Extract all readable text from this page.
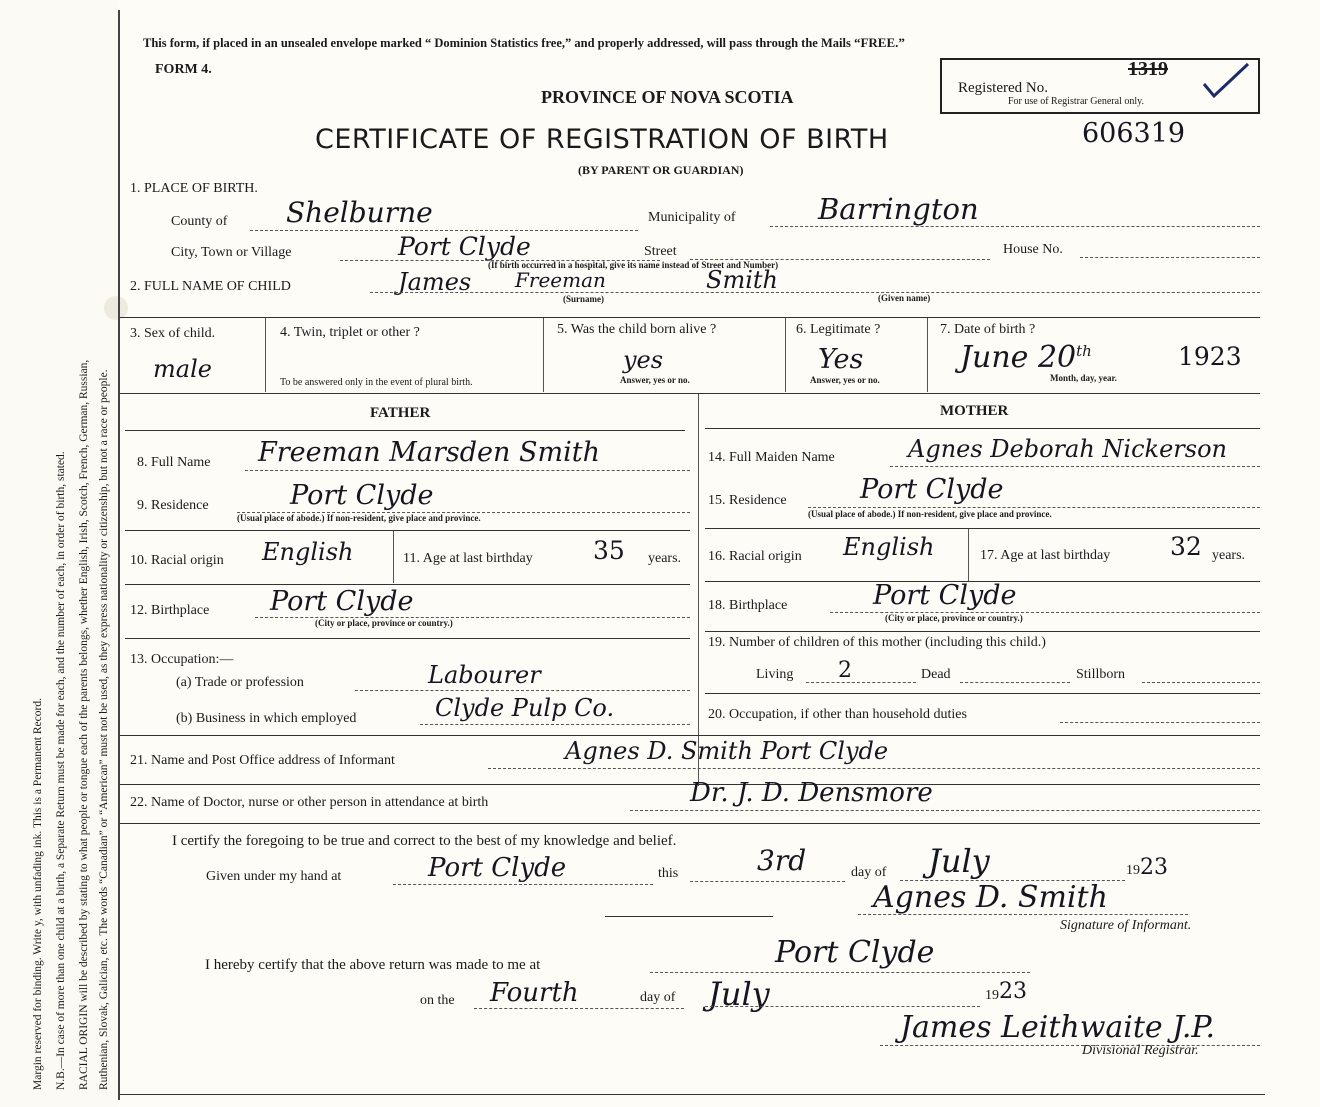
Margin reserved for binding. Write y, with unfading ink. This is a Permanent Record. N.B.—In case of more than one child at a birth, a Separate Return must be made for each, and the number of each, in order of birth, stated. RACIAL ORIGIN will be described by stating to what people or tongue each of the parents belongs, whether English, Irish, Scotch, French, German, Russian, Ruthenian, Slovak, Galician, etc. The words “Canadian” or “American” must not be used, as they express nationality or citizenship, but not a race or people.
This form, if placed in an unsealed envelope marked “ Dominion Statistics free,” and properly addressed, will pass through the Mails “FREE.”
FORM 4.
PROVINCE OF NOVA SCOTIA
CERTIFICATE OF REGISTRATION OF BIRTH	606319
(BY PARENT OR GUARDIAN)
Registered No.
1319
For use of Registrar General only.
1. PLACE OF BIRTH.
County of Shelburne	Municipality of	Barrington
City, Town or Village	Port Clyde	Street	House No.
(If birth occurred in a hospital, give its name instead of Street and Number)
2. FULL NAME OF CHILD	James Freeman	Smith
(Surname)	(Given name)
3. Sex of child.
male
4. Twin, triplet or other ?
To be answered only in the event of plural birth.
5. Was the child born alive ?
yes
Answer, yes or no.
6. Legitimate ?
Yes
Answer, yes or no.
7. Date of birth ?
June 20th	1923
Month, day, year.
FATHER
8. Full Name Freeman Marsden Smith
9. Residence	Port Clyde
(Usual place of abode.) If non-resident, give place and province.
10. Racial origin English	11. Age at last birthday 35 years.
12. Birthplace Port Clyde
(City or place, province or country.)
13. Occupation:—
(a) Trade or profession	Labourer
(b) Business in which employed	Clyde Pulp Co.
MOTHER
14. Full Maiden Name	Agnes Deborah Nickerson
15. Residence	Port Clyde
(Usual place of abode.) If non-resident, give place and province.
16. Racial origin English	17. Age at last birthday 32 years.
18. Birthplace	Port Clyde
(City or place, province or country.)
19. Number of children of this mother (including this child.)
Living 2	Dead	Stillborn
20. Occupation, if other than household duties
21. Name and Post Office address of Informant	Agnes D. Smith Port Clyde
22. Name of Doctor, nurse or other person in attendance at birth	Dr. J. D. Densmore
I certify the foregoing to be true and correct to the best of my knowledge and belief.
Given under my hand at	Port Clyde	this	3rd	day of July	19 23
Agnes D. Smith
Signature of Informant.
I hereby certify that the above return was made to me at	Port Clyde
on the Fourth	day of July	19 23
James Leithwaite J.P.
Divisional Registrar.
